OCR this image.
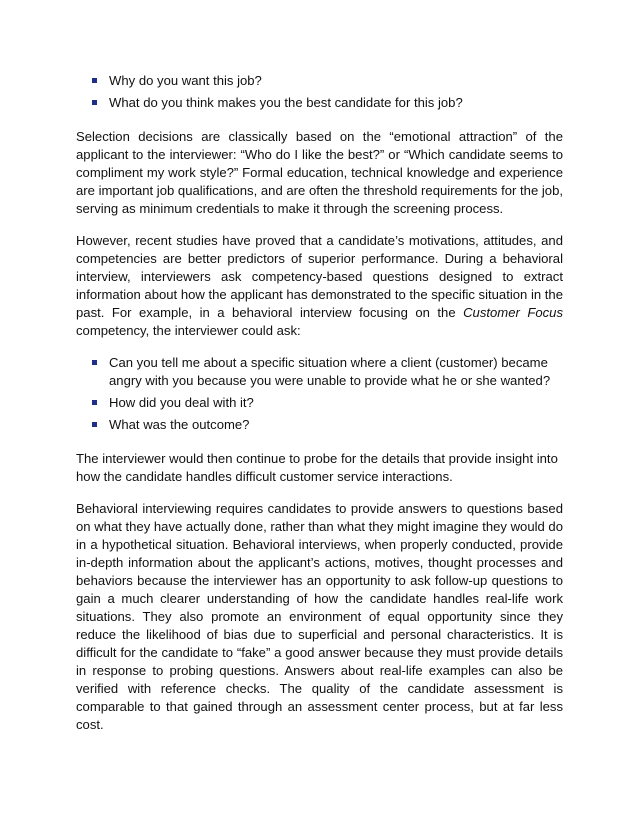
Why do you want this job?
What do you think makes you the best candidate for this job?

Selection decisions are classically based on the “emotional attraction” of the applicant to the interviewer: “Who do I like the best?” or “Which candidate seems to compliment my work style?” Formal education, technical knowledge and experience are important job qualifications, and are often the threshold requirements for the job, serving as minimum credentials to make it through the screening process.

However, recent studies have proved that a candidate’s motivations, attitudes, and competencies are better predictors of superior performance. During a behavioral interview, interviewers ask competency-based questions designed to extract information about how the applicant has demonstrated to the specific situation in the past. For example, in a behavioral interview focusing on the Customer Focus competency, the interviewer could ask:

Can you tell me about a specific situation where a client (customer) became angry with you because you were unable to provide what he or she wanted?
How did you deal with it?
What was the outcome?

The interviewer would then continue to probe for the details that provide insight into how the candidate handles difficult customer service interactions.

Behavioral interviewing requires candidates to provide answers to questions based on what they have actually done, rather than what they might imagine they would do in a hypothetical situation. Behavioral interviews, when properly conducted, provide in-depth information about the applicant’s actions, motives, thought processes and behaviors because the interviewer has an opportunity to ask follow-up questions to gain a much clearer understanding of how the candidate handles real-life work situations. They also promote an environment of equal opportunity since they reduce the likelihood of bias due to superficial and personal characteristics. It is difficult for the candidate to “fake” a good answer because they must provide details in response to probing questions. Answers about real-life examples can also be verified with reference checks. The quality of the candidate assessment is comparable to that gained through an assessment center process, but at far less cost.
